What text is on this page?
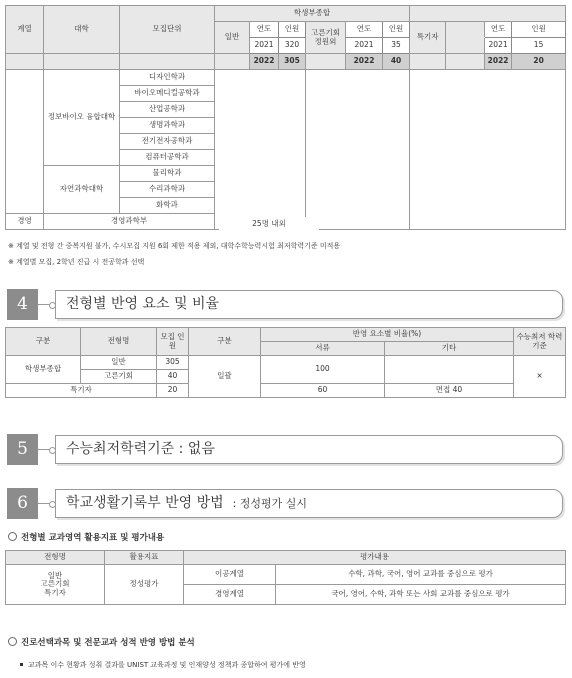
계열	대학	모집단위	학생부종합									
			일반	연도	인원	고른기회 정원외	연도	인원	특기자		연도	인원
				2021	320		2021	35			2021	15
				2022	305		2022	40			2022	20
	정보바이오 융합대학	디자인학과										
		바이오메디컬공학과										
		산업공학과										
		생명과학과										
		전기전자공학과										
		컴퓨터공학과										
	자연과학대학	물리학과										
		수리과학과										
		화학과										
경영	경영과학부												25명 내외
※ 계열 및 전형 간 중복지원 불가, 수시모집 지원 6회 제한 적용 제외, 대학수학능력시험 최저학력기준 미적용
※ 계열별 모집, 2학년 진급 시 전공학과 선택
4	전형별 반영 요소 및 비율
구분	전형명	모집 인원	구분	반영 요소별 비율(%)		수능최저 학력기준
				서류	기타	
학생부종합	일반	305	일괄	100		×
	고른기회	40				
특기자		20		60	면접 40	
5	수능최저학력기준 : 없음
6	학교생활기록부 반영 방법 : 정성평가 실시
전형별 교과영역 활용지표 및 평가내용
전형명	활용지표	평가내용	
일반
고른기회
특기자	정성평가	이공계열	수학, 과학, 국어, 영어 교과를 중심으로 평가
		경영계열	국어, 영어, 수학, 과학 또는 사회 교과를 중심으로 평가
진로선택과목 및 전문교과 성적 반영 방법 분석
교과목 이수 현황과 성취 결과를 UNIST 교육과정 및 인재양성 정책과 종합하여 평가에 반영
